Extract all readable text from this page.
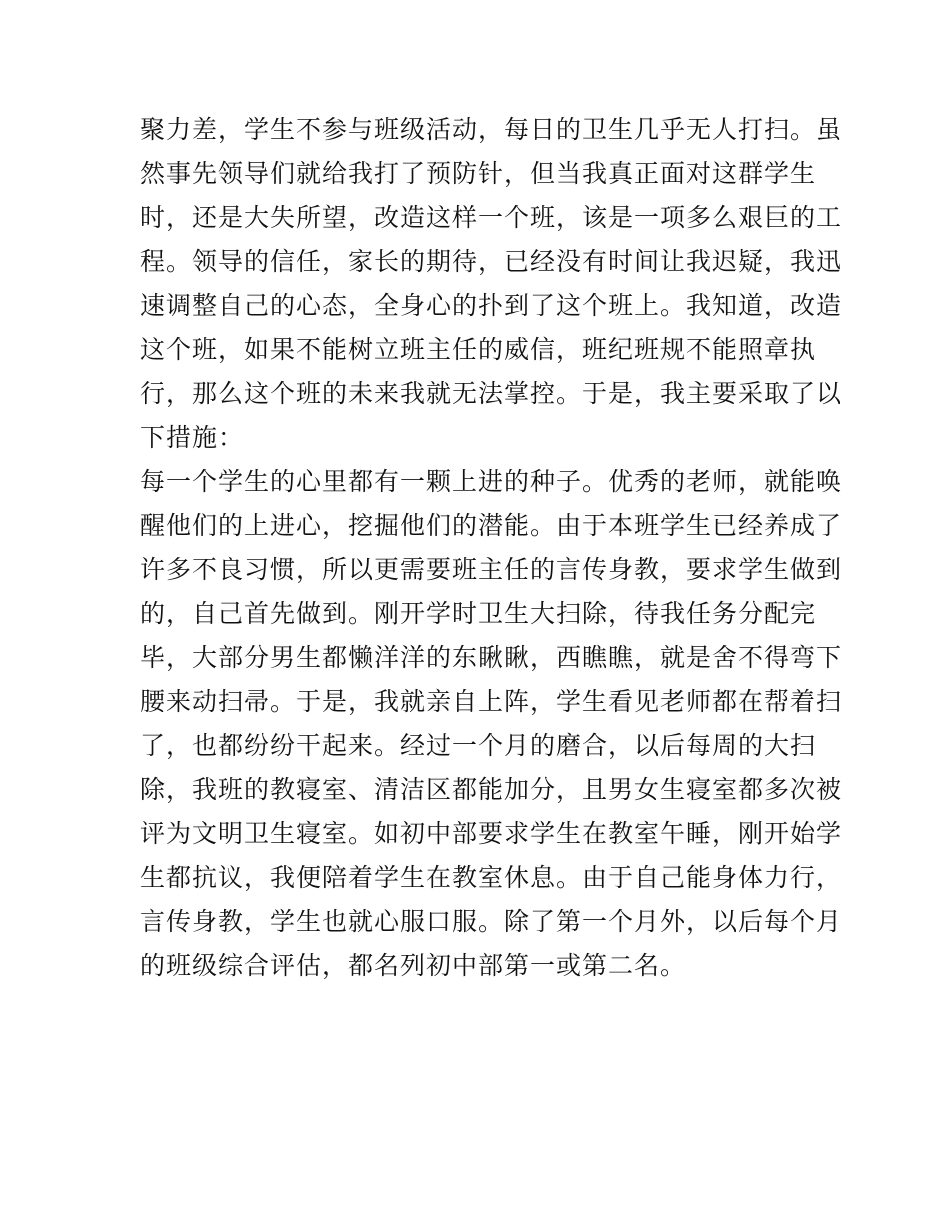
聚力差，学生不参与班级活动，每日的卫生几乎无人打扫。虽
然事先领导们就给我打了预防针，但当我真正面对这群学生
时，还是大失所望，改造这样一个班，该是一项多么艰巨的工
程。领导的信任，家长的期待，已经没有时间让我迟疑，我迅
速调整自己的心态，全身心的扑到了这个班上。我知道，改造
这个班，如果不能树立班主任的威信，班纪班规不能照章执
行，那么这个班的未来我就无法掌控。于是，我主要采取了以
下措施：
每一个学生的心里都有一颗上进的种子。优秀的老师，就能唤
醒他们的上进心，挖掘他们的潜能。由于本班学生已经养成了
许多不良习惯，所以更需要班主任的言传身教，要求学生做到
的，自己首先做到。刚开学时卫生大扫除，待我任务分配完
毕，大部分男生都懒洋洋的东瞅瞅，西瞧瞧，就是舍不得弯下
腰来动扫帚。于是，我就亲自上阵，学生看见老师都在帮着扫
了，也都纷纷干起来。经过一个月的磨合，以后每周的大扫
除，我班的教寝室、清洁区都能加分，且男女生寝室都多次被
评为文明卫生寝室。如初中部要求学生在教室午睡，刚开始学
生都抗议，我便陪着学生在教室休息。由于自己能身体力行，
言传身教，学生也就心服口服。除了第一个月外，以后每个月
的班级综合评估，都名列初中部第一或第二名。
